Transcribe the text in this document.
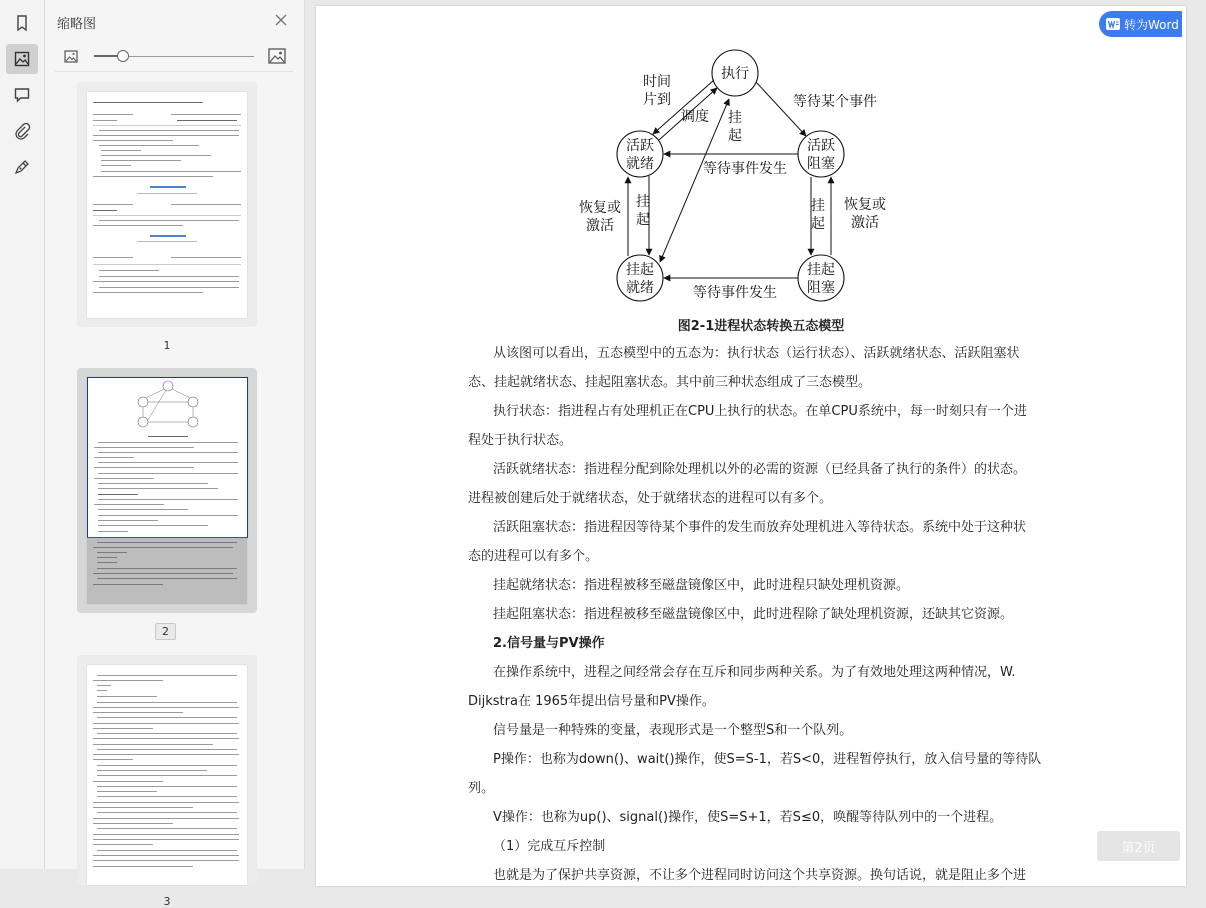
缩略图
1
2
3
执行
活跃
就绪
活跃
阻塞
挂起
就绪
挂起
阻塞
时间
片到
调度 挂
起
等待某个事件
等待事件发生
恢复或
激活
挂
起
挂
起
恢复或
激活
等待事件发生
图2-1进程状态转换五态模型
从该图可以看出，五态模型中的五态为：执行状态（运行状态）、活跃就绪状态、活跃阻塞状
态、挂起就绪状态、挂起阻塞状态。其中前三种状态组成了三态模型。
执行状态：指进程占有处理机正在CPU上执行的状态。在单CPU系统中，每一时刻只有一个进
程处于执行状态。
活跃就绪状态：指进程分配到除处理机以外的必需的资源（已经具备了执行的条件）的状态。
进程被创建后处于就绪状态，处于就绪状态的进程可以有多个。
活跃阻塞状态：指进程因等待某个事件的发生而放弃处理机进入等待状态。系统中处于这种状
态的进程可以有多个。
挂起就绪状态：指进程被移至磁盘镜像区中，此时进程只缺处理机资源。
挂起阻塞状态：指进程被移至磁盘镜像区中，此时进程除了缺处理机资源，还缺其它资源。
2.信号量与PV操作
在操作系统中，进程之间经常会存在互斥和同步两种关系。为了有效地处理这两种情况，W.
Dijkstra在 1965年提出信号量和PV操作。
信号量是一种特殊的变量，表现形式是一个整型S和一个队列。
P操作：也称为down()、wait()操作，使S=S-1，若S<0，进程暂停执行，放入信号量的等待队
列。
V操作：也称为up()、signal()操作，使S=S+1，若S≤0，唤醒等待队列中的一个进程。
（1）完成互斥控制
也就是为了保护共享资源，不让多个进程同时访问这个共享资源。换句话说，就是阻止多个进
转为Word
第2页
